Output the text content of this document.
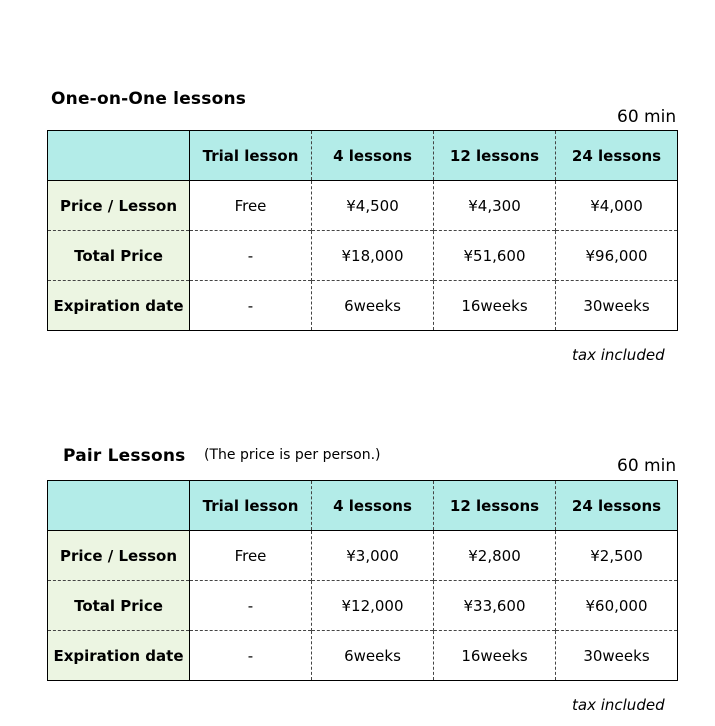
One-on-One lessons
60 min
	Trial lesson	4 lessons	12 lessons	24 lessons
Price / Lesson	Free	¥4,500	¥4,300	¥4,000
Total Price	-	¥18,000	¥51,600	¥96,000
Expiration date	-	6weeks	16weeks	30weeks
tax included
Pair Lessons (The price is per person.)
60 min
	Trial lesson	4 lessons	12 lessons	24 lessons
Price / Lesson	Free	¥3,000	¥2,800	¥2,500
Total Price	-	¥12,000	¥33,600	¥60,000
Expiration date	-	6weeks	16weeks	30weeks
tax included
